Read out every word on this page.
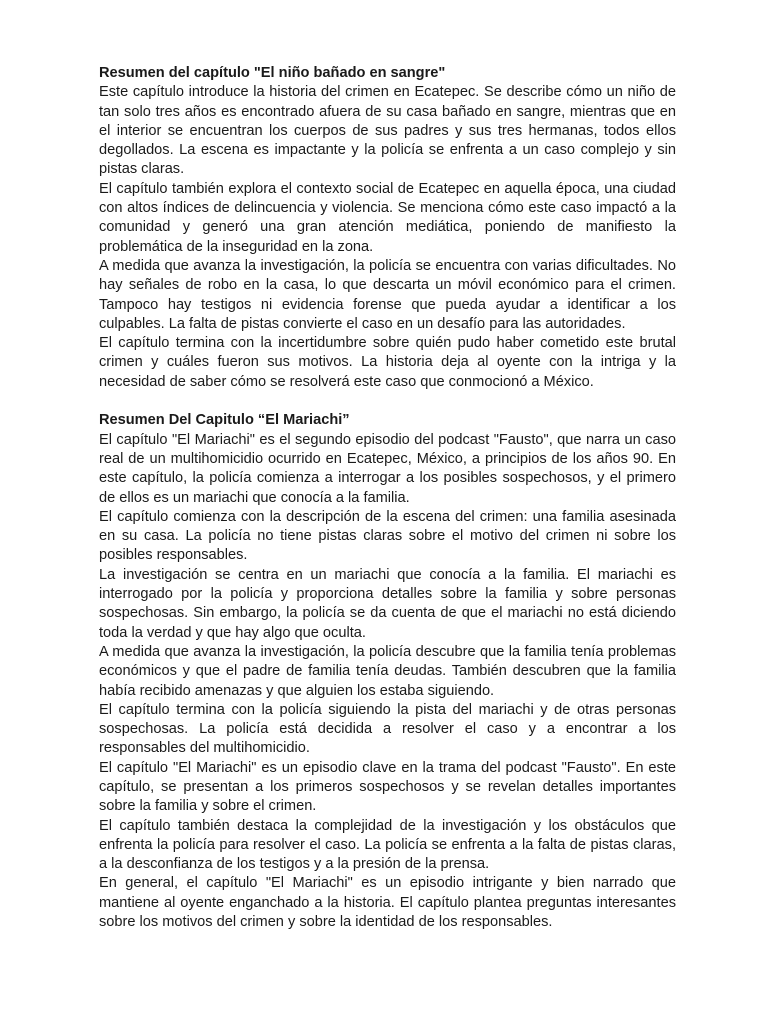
Resumen del capítulo "El niño bañado en sangre"

Este capítulo introduce la historia del crimen en Ecatepec. Se describe cómo un niño de tan solo tres años es encontrado afuera de su casa bañado en sangre, mientras que en el interior se encuentran los cuerpos de sus padres y sus tres hermanas, todos ellos degollados. La escena es impactante y la policía se enfrenta a un caso complejo y sin pistas claras.

El capítulo también explora el contexto social de Ecatepec en aquella época, una ciudad con altos índices de delincuencia y violencia. Se menciona cómo este caso impactó a la comunidad y generó una gran atención mediática, poniendo de manifiesto la problemática de la inseguridad en la zona.

A medida que avanza la investigación, la policía se encuentra con varias dificultades. No hay señales de robo en la casa, lo que descarta un móvil económico para el crimen. Tampoco hay testigos ni evidencia forense que pueda ayudar a identificar a los culpables. La falta de pistas convierte el caso en un desafío para las autoridades.

El capítulo termina con la incertidumbre sobre quién pudo haber cometido este brutal crimen y cuáles fueron sus motivos. La historia deja al oyente con la intriga y la necesidad de saber cómo se resolverá este caso que conmocionó a México.

Resumen Del Capitulo “El Mariachi”

El capítulo "El Mariachi" es el segundo episodio del podcast "Fausto", que narra un caso real de un multihomicidio ocurrido en Ecatepec, México, a principios de los años 90. En este capítulo, la policía comienza a interrogar a los posibles sospechosos, y el primero de ellos es un mariachi que conocía a la familia.

El capítulo comienza con la descripción de la escena del crimen: una familia asesinada en su casa. La policía no tiene pistas claras sobre el motivo del crimen ni sobre los posibles responsables.

La investigación se centra en un mariachi que conocía a la familia. El mariachi es interrogado por la policía y proporciona detalles sobre la familia y sobre personas sospechosas. Sin embargo, la policía se da cuenta de que el mariachi no está diciendo toda la verdad y que hay algo que oculta.

A medida que avanza la investigación, la policía descubre que la familia tenía problemas económicos y que el padre de familia tenía deudas. También descubren que la familia había recibido amenazas y que alguien los estaba siguiendo.

El capítulo termina con la policía siguiendo la pista del mariachi y de otras personas sospechosas. La policía está decidida a resolver el caso y a encontrar a los responsables del multihomicidio.

El capítulo "El Mariachi" es un episodio clave en la trama del podcast "Fausto". En este capítulo, se presentan a los primeros sospechosos y se revelan detalles importantes sobre la familia y sobre el crimen.

El capítulo también destaca la complejidad de la investigación y los obstáculos que enfrenta la policía para resolver el caso. La policía se enfrenta a la falta de pistas claras, a la desconfianza de los testigos y a la presión de la prensa.

En general, el capítulo "El Mariachi" es un episodio intrigante y bien narrado que mantiene al oyente enganchado a la historia. El capítulo plantea preguntas interesantes sobre los motivos del crimen y sobre la identidad de los responsables.
